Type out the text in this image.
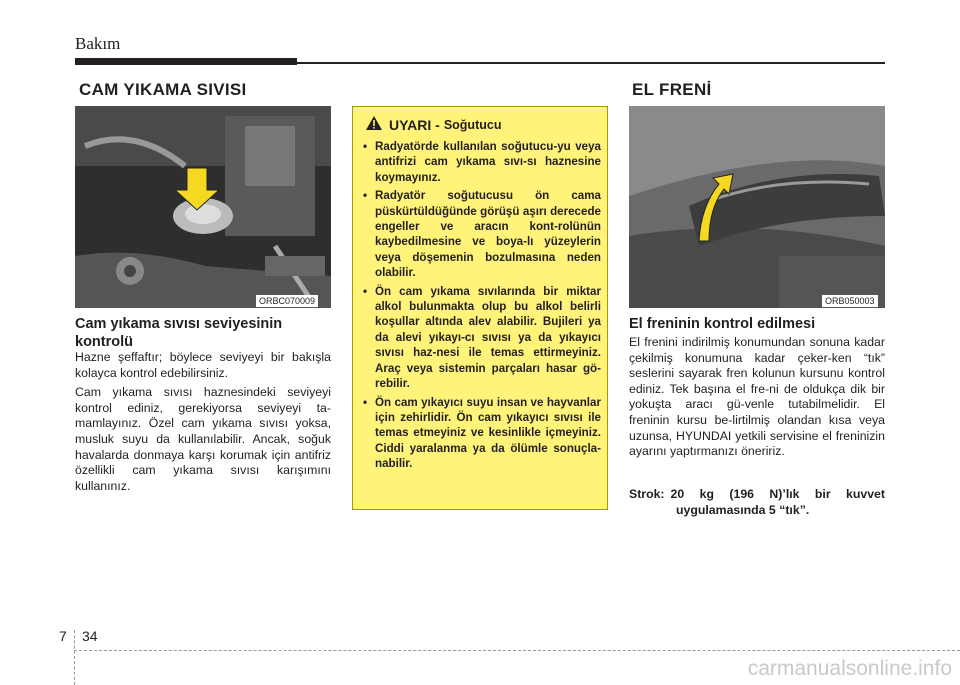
Bakım
CAM YIKAMA SIVISI
ORBC070009
Cam yıkama sıvısı seviyesinin kontrolü

Hazne şeffaftır; böylece seviyeyi bir bakışla kolayca kontrol edebilirsiniz.

Cam yıkama sıvısı haznesindeki seviyeyi kontrol ediniz, gerekiyorsa seviyeyi ta-mamlayınız. Özel cam yıkama sıvısı yoksa, musluk suyu da kullanılabilir. Ancak, soğuk havalarda donmaya karşı korumak için antifriz özellikli cam yıkama sıvısı karışımını kullanınız.

UYARI - Soğutucu
• Radyatörde kullanılan soğutucu-yu veya antifrizi cam yıkama sıvı-sı haznesine koymayınız.
• Radyatör soğutucusu ön cama püskürtüldüğünde görüşü aşırı derecede engeller ve aracın kont-rolünün kaybedilmesine ve boya-lı yüzeylerin veya döşemenin bozulmasına neden olabilir.
• Ön cam yıkama sıvılarında bir miktar alkol bulunmakta olup bu alkol belirli koşullar altında alev alabilir. Bujileri ya da alevi yıkayı-cı sıvısı ya da yıkayıcı sıvısı haz-nesi ile temas ettirmeyiniz. Araç veya sistemin parçaları hasar gö-rebilir.
• Ön cam yıkayıcı suyu insan ve hayvanlar için zehirlidir. Ön cam yıkayıcı sıvısı ile temas etmeyiniz ve kesinlikle içmeyiniz. Ciddi yaralanma ya da ölümle sonuçla-nabilir.
EL FRENİ
ORB050003
El freninin kontrol edilmesi

El frenini indirilmiş konumundan sonuna kadar çekilmiş konumuna kadar çeker-ken “tık” seslerini sayarak fren kolunun kursunu kontrol ediniz. Tek başına el fre-ni de oldukça dik bir yokuşta aracı gü-venle tutabilmelidir. El freninin kursu be-lirtilmiş olandan kısa veya uzunsa, HYUNDAI yetkili servisine el freninizin ayarını yaptırmanızı öneririz.

Strok: 20 kg (196 N)’lık bir kuvvet
uygulamasında 5 “tık”.
7 34
carmanualsonline.info
